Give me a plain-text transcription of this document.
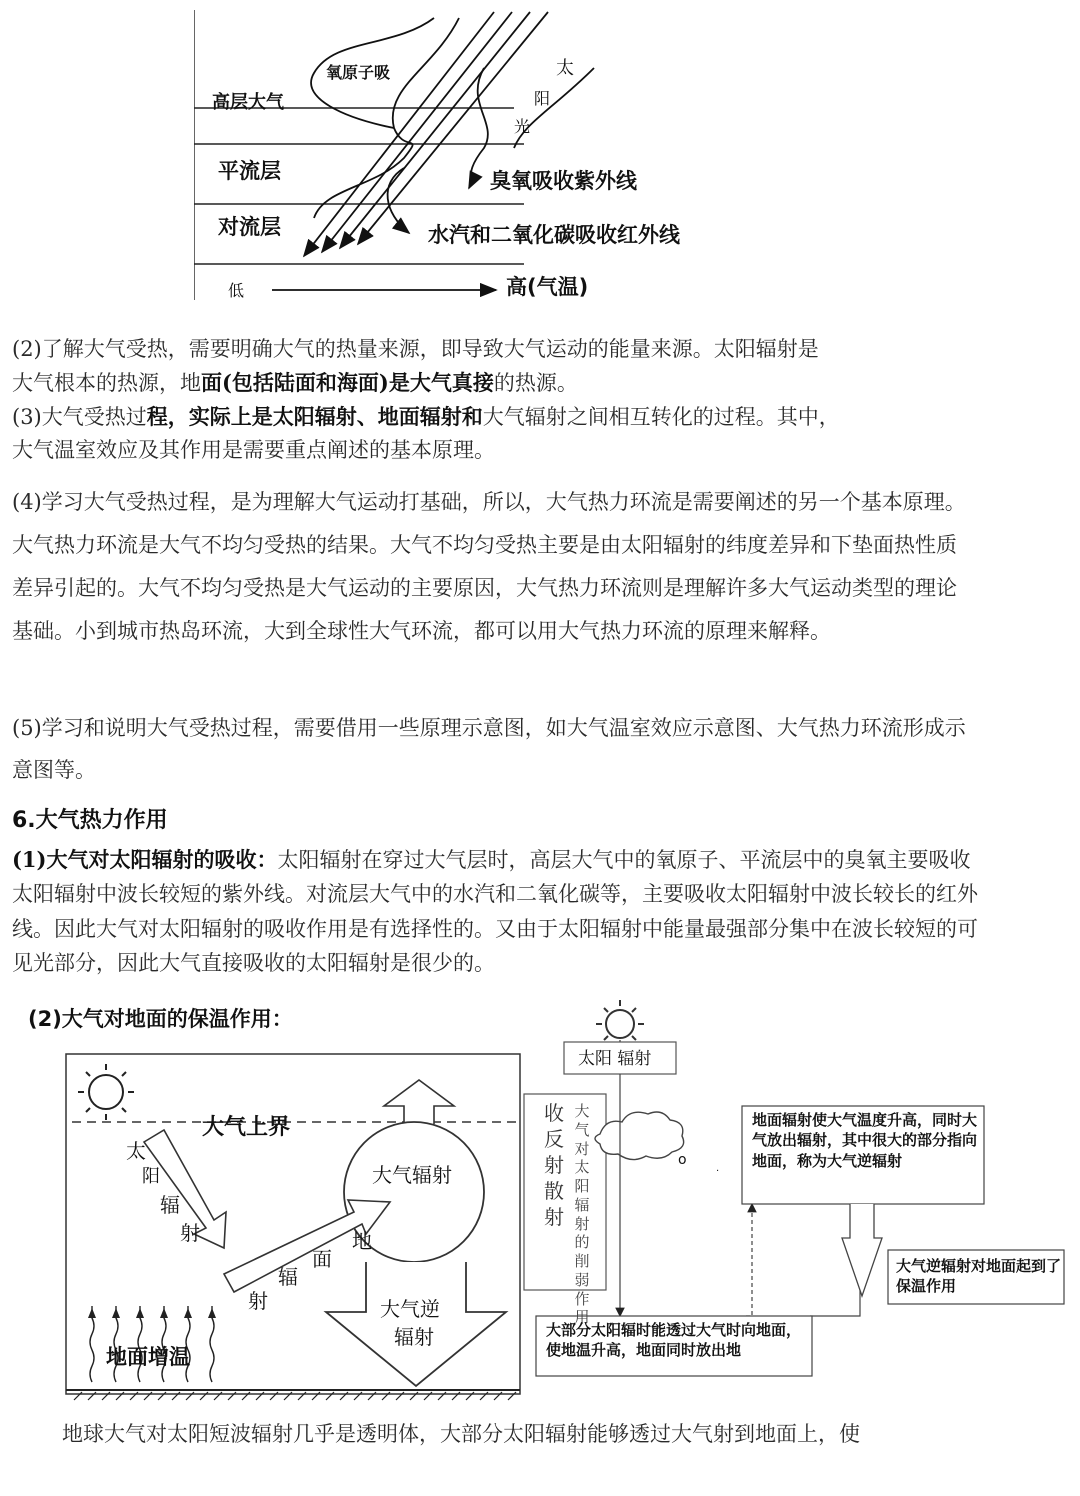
高层大气
氧原子吸	太
阳
光
平流层
对流层
臭氧吸收紫外线
水汽和二氧化碳吸收红外线
低	高(气温)
(2)了解大气受热，需要明确大气的热量来源，即导致大气运动的能量来源。太阳辐射是
大气根本的热源，地面(包括陆面和海面)是大气真接的热源。
(3)大气受热过程，实际上是太阳辐射、地面辐射和大气辐射之间相互转化的过程。其中，
大气温室效应及其作用是需要重点阐述的基本原理。
(4)学习大气受热过程，是为理解大气运动打基础，所以，大气热力环流是需要阐述的另一个基本原理。大气热力环流是大气不均匀受热的结果。大气不均匀受热主要是由太阳辐射的纬度差异和下垫面热性质差异引起的。大气不均匀受热是大气运动的主要原因，大气热力环流则是理解许多大气运动类型的理论基础。小到城市热岛环流，大到全球性大气环流，都可以用大气热力环流的原理来解释。
(5)学习和说明大气受热过程，需要借用一些原理示意图，如大气温室效应示意图、大气热力环流形成示意图等。
6.大气热力作用
(1)大气对太阳辐射的吸收：太阳辐射在穿过大气层时，高层大气中的氧原子、平流层中的臭氧主要吸收太阳辐射中波长较短的紫外线。对流层大气中的水汽和二氧化碳等，主要吸收太阳辐射中波长较长的红外线。因此大气对太阳辐射的吸收作用是有选择性的。又由于太阳辐射中能量最强部分集中在波长较短的可见光部分，因此大气直接吸收的太阳辐射是很少的。
(2)大气对地面的保温作用：
大气上界
太
阳
辐
射
射
辐
面
地
大气辐射
大气逆
辐射
地面增温
太阳 辐射
o
·
收
反
射
散
射
大气对太阳辐射的削弱作用
地面辐射使大气温度升高，同时大气放出辐射，其中很大的部分指向地面，称为大气逆辐射
大气逆辐射对地面起到了保温作用
大部分太阳辐时能透过大气时向地面，使地温升高，地面同时放出地
地球大气对太阳短波辐射几乎是透明体，大部分太阳辐射能够透过大气射到地面上，使
